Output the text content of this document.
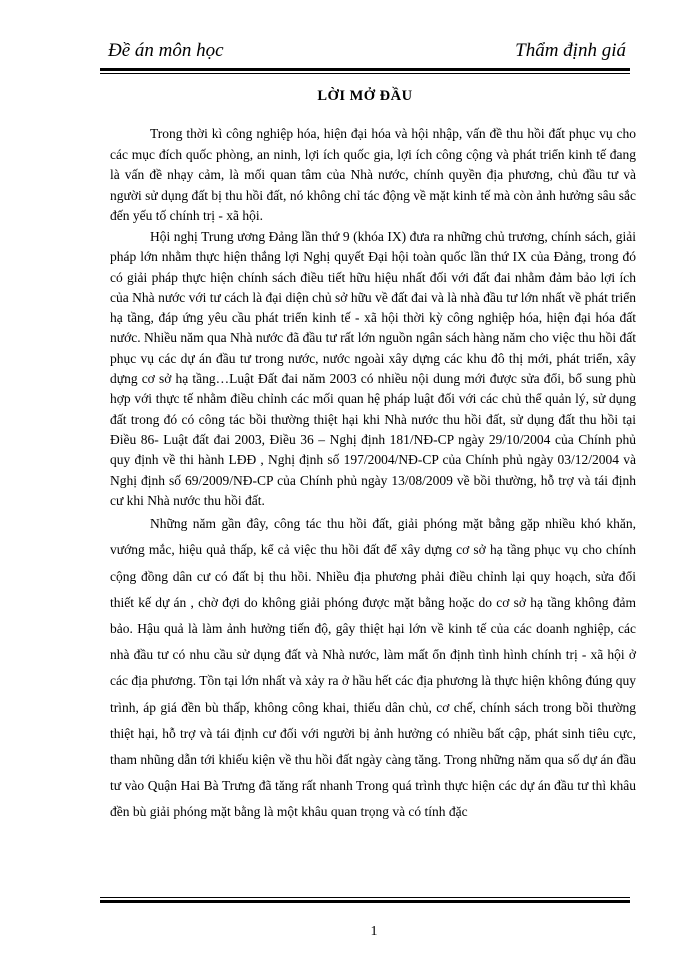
Đề án môn học	Thẩm định giá
LỜI MỞ ĐẦU

Trong thời kì công nghiệp hóa, hiện đại hóa và hội nhập, vấn đề thu hồi đất phục vụ cho các mục đích quốc phòng, an ninh, lợi ích quốc gia, lợi ích công cộng và phát triển kinh tế đang là vấn đề nhạy cảm, là mối quan tâm của Nhà nước, chính quyền địa phương, chủ đầu tư và người sử dụng đất bị thu hồi đất, nó không chỉ tác động về mặt kinh tế mà còn ảnh hưởng sâu sắc đến yếu tố chính trị - xã hội.

Hội nghị Trung ương Đảng lần thứ 9 (khóa IX) đưa ra những chủ trương, chính sách, giải pháp lớn nhằm thực hiện thắng lợi Nghị quyết Đại hội toàn quốc lần thứ IX của Đảng, trong đó có giải pháp thực hiện chính sách điều tiết hữu hiệu nhất đối với đất đai nhằm đảm bảo lợi ích của Nhà nước với tư cách là đại diện chủ sở hữu về đất đai và là nhà đầu tư lớn nhất về phát triển hạ tầng, đáp ứng yêu cầu phát triển kinh tế - xã hội thời kỳ công nghiệp hóa, hiện đại hóa đất nước. Nhiều năm qua Nhà nước đã đầu tư rất lớn nguồn ngân sách hàng năm cho việc thu hồi đất phục vụ các dự án đầu tư trong nước, nước ngoài xây dựng các khu đô thị mới, phát triển, xây dựng cơ sở hạ tầng…Luật Đất đai năm 2003 có nhiều nội dung mới được sửa đổi, bổ sung phù hợp với thực tế nhằm điều chỉnh các mối quan hệ pháp luật đối với các chủ thể quản lý, sử dụng đất trong đó có công tác bồi thường thiệt hại khi Nhà nước thu hồi đất, sử dụng đất thu hồi tại Điều 86- Luật đất đai 2003, Điều 36 – Nghị định 181/NĐ-CP ngày 29/10/2004 của Chính phủ quy định về thi hành LĐĐ , Nghị định số 197/2004/NĐ-CP của Chính phủ ngày 03/12/2004 và Nghị định số 69/2009/NĐ-CP của Chính phủ ngày 13/08/2009 về bồi thường, hỗ trợ và tái định cư khi Nhà nước thu hồi đất.

Những năm gần đây, công tác thu hồi đất, giải phóng mặt bằng gặp nhiều khó khăn, vướng mắc, hiệu quả thấp, kể cả việc thu hồi đất để xây dựng cơ sở hạ tầng phục vụ cho chính cộng đồng dân cư có đất bị thu hồi. Nhiều địa phương phải điều chỉnh lại quy hoạch, sửa đổi thiết kế dự án , chờ đợi do không giải phóng được mặt bằng hoặc do cơ sở hạ tầng không đảm bảo. Hậu quả là làm ảnh hưởng tiến độ, gây thiệt hại lớn về kinh tế của các doanh nghiệp, các nhà đầu tư có nhu cầu sử dụng đất và Nhà nước, làm mất ổn định tình hình chính trị - xã hội ở các địa phương. Tồn tại lớn nhất và xảy ra ở hầu hết các địa phương là thực hiện không đúng quy trình, áp giá đền bù thấp, không công khai, thiếu dân chủ, cơ chế, chính sách trong bồi thường thiệt hại, hỗ trợ và tái định cư đối với người bị ảnh hưởng có nhiều bất cập, phát sinh tiêu cực, tham nhũng dẫn tới khiếu kiện về thu hồi đất ngày càng tăng. Trong những năm qua số dự án đầu tư vào Quận Hai Bà Trưng đã tăng rất nhanh Trong quá trình thực hiện các dự án đầu tư thì khâu đền bù giải phóng mặt bằng là một khâu quan trọng và có tính đặc

1
